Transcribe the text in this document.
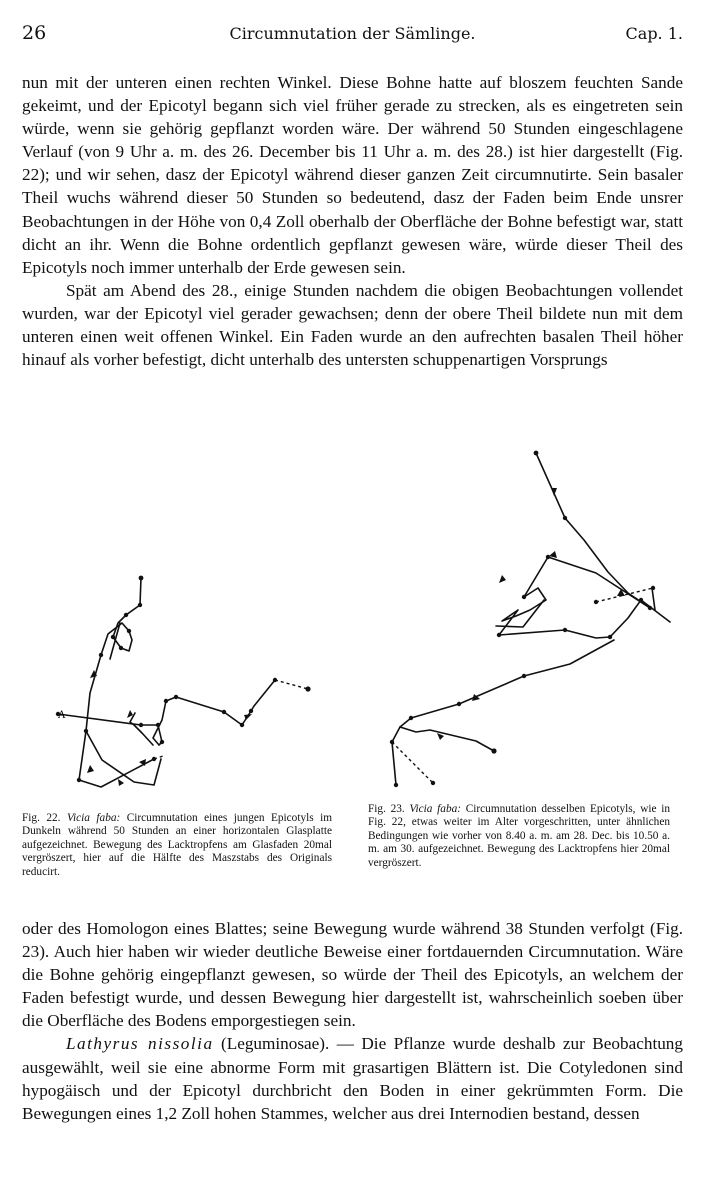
26	Circumnutation der Sämlinge.	Cap. 1.

nun mit der unteren einen rechten Winkel. Diese Bohne hatte auf bloszem feuchten Sande gekeimt, und der Epicotyl begann sich viel früher gerade zu strecken, als es eingetreten sein würde, wenn sie gehörig gepflanzt worden wäre. Der während 50 Stunden eingeschlagene Verlauf (von 9 Uhr a. m. des 26. December bis 11 Uhr a. m. des 28.) ist hier dargestellt (Fig. 22); und wir sehen, dasz der Epicotyl während dieser ganzen Zeit circumnutirte. Sein basaler Theil wuchs während dieser 50 Stunden so bedeutend, dasz der Faden beim Ende unsrer Beobachtungen in der Höhe von 0,4 Zoll oberhalb der Oberfläche der Bohne befestigt war, statt dicht an ihr. Wenn die Bohne ordentlich gepflanzt gewesen wäre, würde dieser Theil des Epicotyls noch immer unterhalb der Erde gewesen sein.

Spät am Abend des 28., einige Stunden nachdem die obigen Beobachtungen vollendet wurden, war der Epicotyl viel gerader gewachsen; denn der obere Theil bildete nun mit dem unteren einen weit offenen Winkel. Ein Faden wurde an den aufrechten basalen Theil höher hinauf als vorher befestigt, dicht unterhalb des untersten schuppenartigen Vorsprungs

A
Fig. 22. Vicia faba: Circumnutation eines jungen Epicotyls im Dunkeln während 50 Stunden an einer horizontalen Glasplatte aufgezeichnet. Bewegung des Lacktropfens am Glasfaden 20mal vergröszert, hier auf die Hälfte des Maszstabs des Originals reducirt.
Fig. 23. Vicia faba: Circumnutation desselben Epicotyls, wie in Fig. 22, etwas weiter im Alter vorgeschritten, unter ähnlichen Bedingungen wie vorher von 8.40 a. m. am 28. Dec. bis 10.50 a. m. am 30. aufgezeichnet. Bewegung des Lacktropfens hier 20mal vergröszert.

oder des Homologon eines Blattes; seine Bewegung wurde während 38 Stunden verfolgt (Fig. 23). Auch hier haben wir wieder deutliche Beweise einer fortdauernden Circumnutation. Wäre die Bohne gehörig eingepflanzt gewesen, so würde der Theil des Epicotyls, an welchem der Faden befestigt wurde, und dessen Bewegung hier dargestellt ist, wahrscheinlich soeben über die Oberfläche des Bodens emporgestiegen sein.

Lathyrus nissolia (Leguminosae). — Die Pflanze wurde deshalb zur Beobachtung ausgewählt, weil sie eine abnorme Form mit grasartigen Blättern ist. Die Cotyledonen sind hypogäisch und der Epicotyl durchbricht den Boden in einer gekrümmten Form. Die Bewegungen eines 1,2 Zoll hohen Stammes, welcher aus drei Internodien bestand, dessen
